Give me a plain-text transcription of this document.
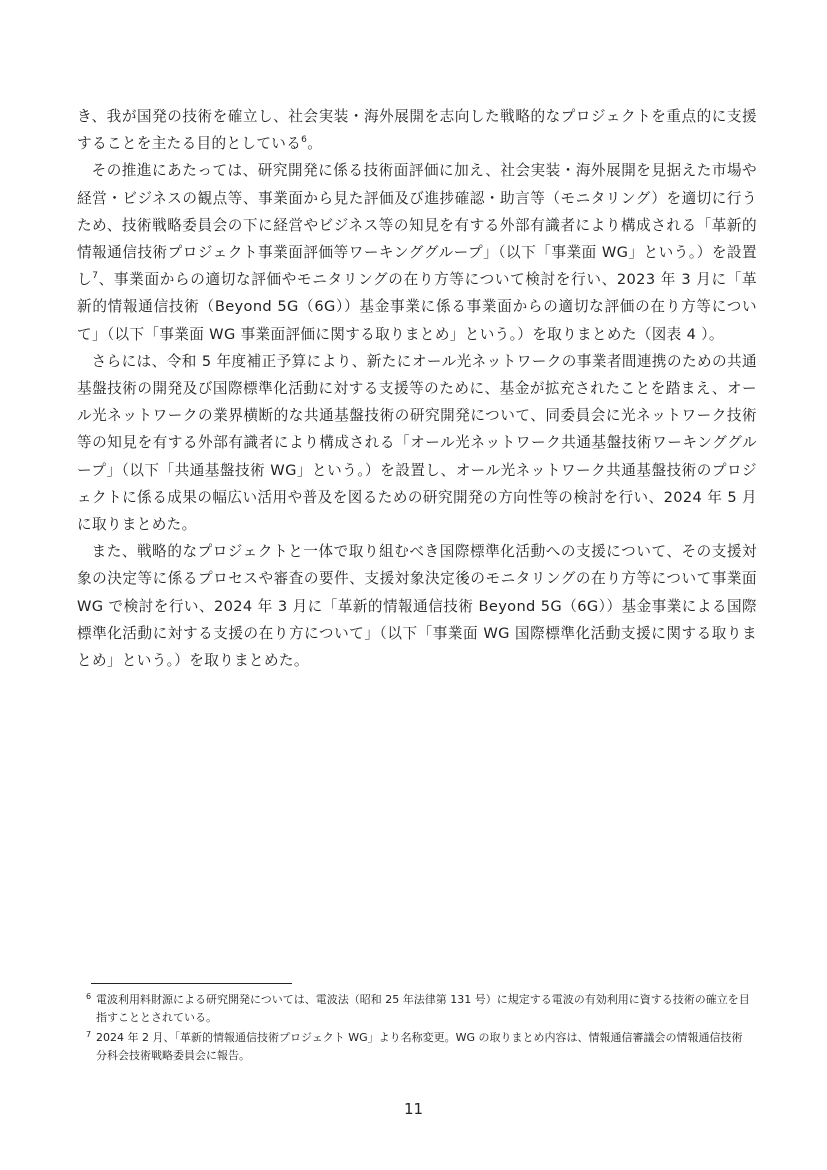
き、我が国発の技術を確立し、社会実装・海外展開を志向した戦略的なプロジェクトを重点的に支援することを主たる目的としている$^6$。

その推進にあたっては、研究開発に係る技術面評価に加え、社会実装・海外展開を見据えた市場や経営・ビジネスの観点等、事業面から見た評価及び進捗確認・助言等（モニタリング）を適切に行うため、技術戦略委員会の下に経営やビジネス等の知見を有する外部有識者により構成される「革新的情報通信技術プロジェクト事業面評価等ワーキンググループ」（以下「事業面 WG」という。）を設置し$^7$、事業面からの適切な評価やモニタリングの在り方等について検討を行い、2023 年 3 月に「革新的情報通信技術（Beyond 5G（6G））基金事業に係る事業面からの適切な評価の在り方等について」（以下「事業面 WG 事業面評価に関する取りまとめ」という。）を取りまとめた（図表 4 ）。

さらには、令和 5 年度補正予算により、新たにオール光ネットワークの事業者間連携のための共通基盤技術の開発及び国際標準化活動に対する支援等のために、基金が拡充されたことを踏まえ、オール光ネットワークの業界横断的な共通基盤技術の研究開発について、同委員会に光ネットワーク技術等の知見を有する外部有識者により構成される「オール光ネットワーク共通基盤技術ワーキンググループ」（以下「共通基盤技術 WG」という。）を設置し、オール光ネットワーク共通基盤技術のプロジェクトに係る成果の幅広い活用や普及を図るための研究開発の方向性等の検討を行い、2024 年 5 月に取りまとめた。

また、戦略的なプロジェクトと一体で取り組むべき国際標準化活動への支援について、その支援対象の決定等に係るプロセスや審査の要件、支援対象決定後のモニタリングの在り方等について事業面 WG で検討を行い、2024 年 3 月に「革新的情報通信技術 Beyond 5G（6G））基金事業による国際標準化活動に対する支援の在り方について」（以下「事業面 WG 国際標準化活動支援に関する取りまとめ」という。）を取りまとめた。

6 電波利用料財源による研究開発については、電波法（昭和 25 年法律第 131 号）に規定する電波の有効利用に資する技術の確立を目指すこととされている。
7 2024 年 2 月、「革新的情報通信技術プロジェクト WG」より名称変更。WG の取りまとめ内容は、情報通信審議会の情報通信技術分科会技術戦略委員会に報告。
11
